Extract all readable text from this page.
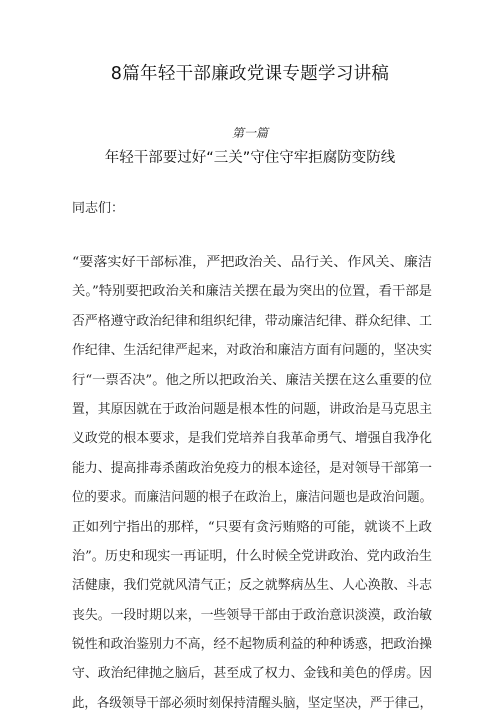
8篇年轻干部廉政党课专题学习讲稿
第一篇
年轻干部要过好“三关”守住守牢拒腐防变防线
同志们：
“要落实好干部标准，严把政治关、品行关、作风关、廉洁
关。”特别要把政治关和廉洁关摆在最为突出的位置，看干部是
否严格遵守政治纪律和组织纪律，带动廉洁纪律、群众纪律、工
作纪律、生活纪律严起来，对政治和廉洁方面有问题的，坚决实
行“一票否决”。他之所以把政治关、廉洁关摆在这么重要的位
置，其原因就在于政治问题是根本性的问题，讲政治是马克思主
义政党的根本要求，是我们党培养自我革命勇气、增强自我净化
能力、提高排毒杀菌政治免疫力的根本途径，是对领导干部第一
位的要求。而廉洁问题的根子在政治上，廉洁问题也是政治问题。
正如列宁指出的那样，“只要有贪污贿赂的可能，就谈不上政
治”。历史和现实一再证明，什么时候全党讲政治、党内政治生
活健康，我们党就风清气正；反之就弊病丛生、人心涣散、斗志
丧失。一段时期以来，一些领导干部由于政治意识淡漠，政治敏
锐性和政治鉴别力不高，经不起物质利益的种种诱惑，把政治操
守、政治纪律抛之脑后，甚至成了权力、金钱和美色的俘虏。因
此，各级领导干部必须时刻保持清醒头脑，坚定坚决，严于律己，
